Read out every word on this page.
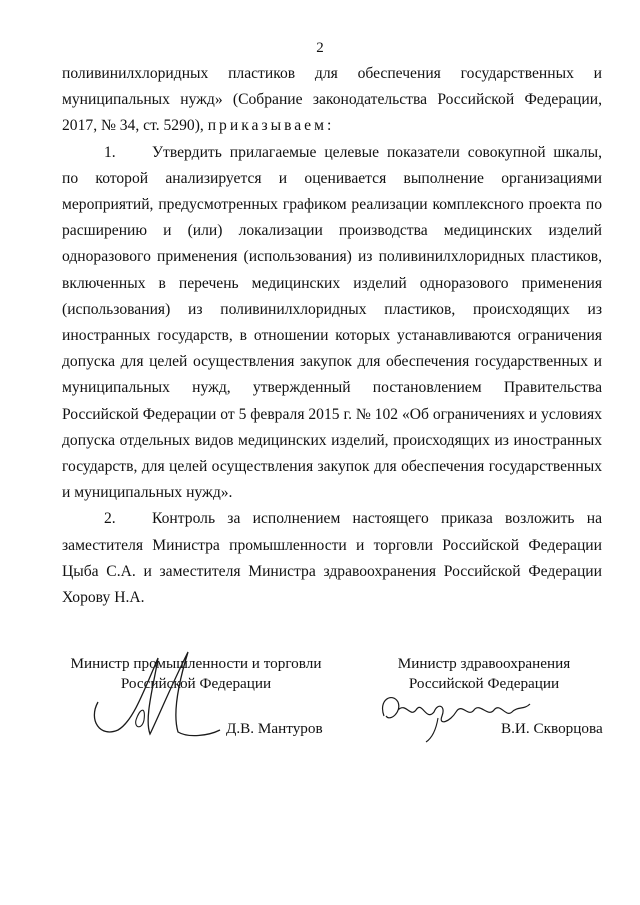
2

поливинилхлоридных пластиков для обеспечения государственных и муниципальных нужд» (Собрание законодательства Российской Федерации, 2017, № 34, ст. 5290), приказываем:

1. Утвердить прилагаемые целевые показатели совокупной шкалы, по которой анализируется и оценивается выполнение организациями мероприятий, предусмотренных графиком реализации комплексного проекта по расширению и (или) локализации производства медицинских изделий одноразового применения (использования) из поливинилхлоридных пластиков, включенных в перечень медицинских изделий одноразового применения (использования) из поливинилхлоридных пластиков, происходящих из иностранных государств, в отношении которых устанавливаются ограничения допуска для целей осуществления закупок для обеспечения государственных и муниципальных нужд, утвержденный постановлением Правительства Российской Федерации от 5 февраля 2015 г. № 102 «Об ограничениях и условиях допуска отдельных видов медицинских изделий, происходящих из иностранных государств, для целей осуществления закупок для обеспечения государственных и муниципальных нужд».

2. Контроль за исполнением настоящего приказа возложить на заместителя Министра промышленности и торговли Российской Федерации Цыба С.А. и заместителя Министра здравоохранения Российской Федерации Хорову Н.А.

Министр промышленности и торговли
Российской Федерации
Д.В. Мантуров
Министр здравоохранения
Российской Федерации
В.И. Скворцова
